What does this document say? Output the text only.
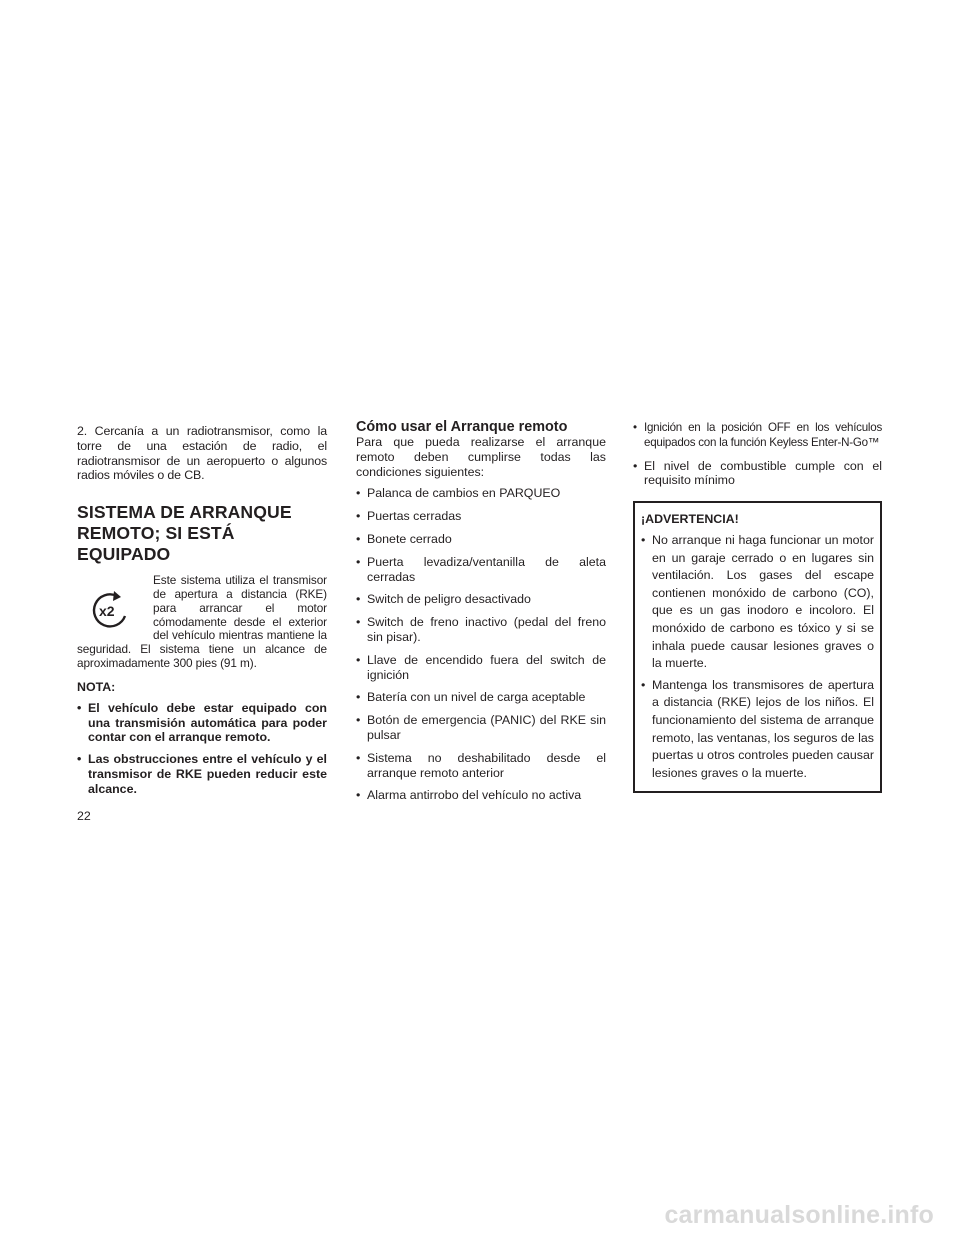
2. Cercanía a un radiotransmisor, como la torre de una estación de radio, el radiotransmisor de un aeropuerto o algunos radios móviles o de CB.

SISTEMA DE ARRANQUE REMOTO; SI ESTÁ EQUIPADO
x2

Este sistema utiliza el transmisor de apertura a distancia (RKE) para arrancar el motor cómodamente desde el exterior del vehículo mientras mantiene la seguridad. El sistema tiene un alcance de aproximadamente 300 pies (91 m).

NOTA:

• El vehículo debe estar equipado con una transmisión automática para poder contar con el arranque remoto.
• Las obstrucciones entre el vehículo y el transmisor de RKE pueden reducir este alcance.
Cómo usar el Arranque remoto

Para que pueda realizarse el arranque remoto deben cumplirse todas las condiciones siguientes:

• Palanca de cambios en PARQUEO
• Puertas cerradas
• Bonete cerrado
• Puerta levadiza/ventanilla de aleta cerradas
• Switch de peligro desactivado
• Switch de freno inactivo (pedal del freno sin pisar).
• Llave de encendido fuera del switch de ignición
• Batería con un nivel de carga aceptable
• Botón de emergencia (PANIC) del RKE sin pulsar
• Sistema no deshabilitado desde el arranque remoto anterior
• Alarma antirrobo del vehículo no activa
• Ignición en la posición OFF en los vehículos equipados con la función Keyless Enter-N-Go™
• El nivel de combustible cumple con el requisito mínimo

¡ADVERTENCIA!

• No arranque ni haga funcionar un motor en un garaje cerrado o en lugares sin ventilación. Los gases del escape contienen monóxido de carbono (CO), que es un gas inodoro e incoloro. El monóxido de carbono es tóxico y si se inhala puede causar lesiones graves o la muerte.
• Mantenga los transmisores de apertura a distancia (RKE) lejos de los niños. El funcionamiento del sistema de arranque remoto, las ventanas, los seguros de las puertas u otros controles pueden causar lesiones graves o la muerte.
22
carmanualsonline.info
